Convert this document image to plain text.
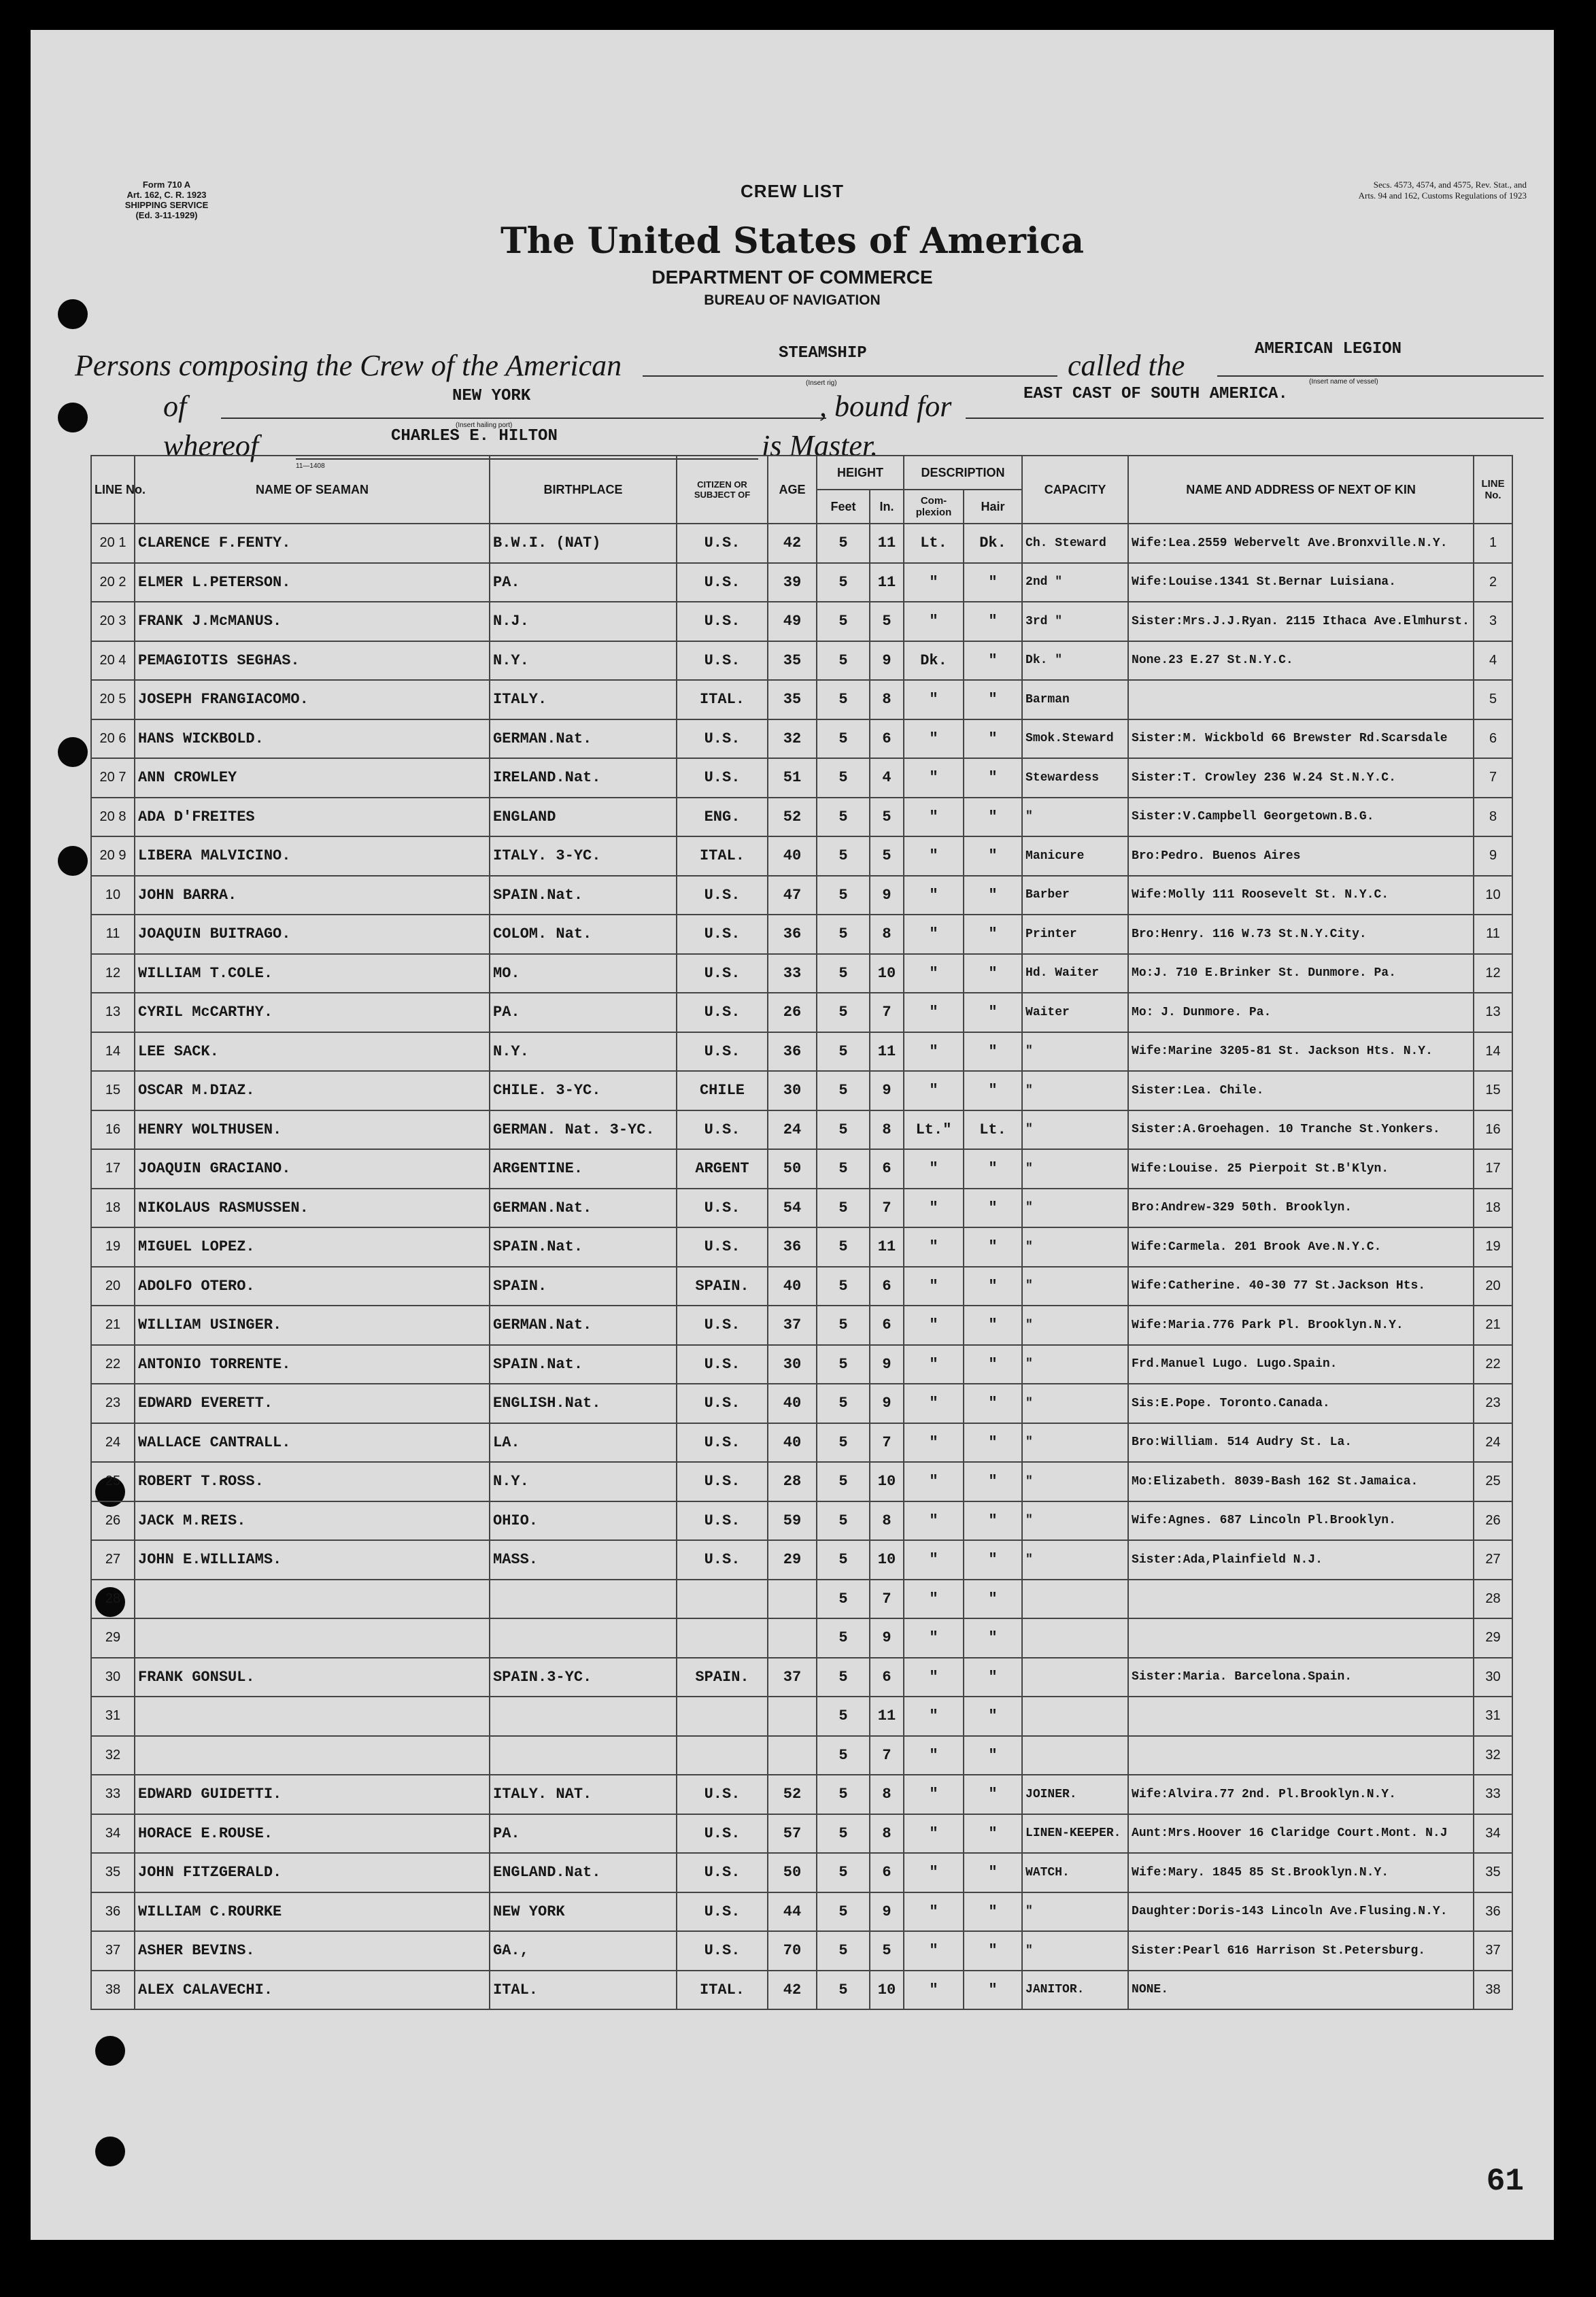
Form 710 A
Art. 162, C. R. 1923
SHIPPING SERVICE
(Ed. 3-11-1929)
CREW LIST	Secs. 4573, 4574, and 4575, Rev. Stat., and
Arts. 94 and 162, Customs Regulations of 1923
The United States of America
DEPARTMENT OF COMMERCE
BUREAU OF NAVIGATION
Persons composing the Crew of the American	STEAMSHIP
(Insert rig)
called the	AMERICAN LEGION
(Insert name of vessel)
of	NEW YORK
(Insert hailing port)
, bound for	EAST CAST OF SOUTH AMERICA.
whereof	CHARLES E. HILTON
11—1408
is Master.
LINE No.	NAME OF SEAMAN	BIRTHPLACE	CITIZEN OR SUBJECT OF	AGE	HEIGHT		DESCRIPTION		CAPACITY	NAME AND ADDRESS OF NEXT OF KIN	LINE No.
					Feet	In.	Com-plexion	Hair			
20 1	CLARENCE F.FENTY.	B.W.I. (NAT)	U.S.	42	5	11	Lt.	Dk.	Ch. Steward	Wife:Lea.2559 Webervelt Ave.Bronxville.N.Y.	1
20 2	ELMER L.PETERSON.	PA.	U.S.	39	5	11	"	"	2nd "	Wife:Louise.1341 St.Bernar Luisiana.	2
20 3	FRANK J.McMANUS.	N.J.	U.S.	49	5	5	"	"	3rd "	Sister:Mrs.J.J.Ryan. 2115 Ithaca Ave.Elmhurst.	3
20 4	PEMAGIOTIS SEGHAS.	N.Y.	U.S.	35	5	9	Dk.	"	Dk. "	None.23 E.27 St.N.Y.C.	4
20 5	JOSEPH FRANGIACOMO.	ITALY.	ITAL.	35	5	8	"	"	Barman		5
20 6	HANS WICKBOLD.	GERMAN.Nat.	U.S.	32	5	6	"	"	Smok.Steward	Sister:M. Wickbold 66 Brewster Rd.Scarsdale	6
20 7	ANN CROWLEY	IRELAND.Nat.	U.S.	51	5	4	"	"	Stewardess	Sister:T. Crowley 236 W.24 St.N.Y.C.	7
20 8	ADA D'FREITES	ENGLAND	ENG.	52	5	5	"	"	"	Sister:V.Campbell Georgetown.B.G.	8
20 9	LIBERA MALVICINO.	ITALY. 3-YC.	ITAL.	40	5	5	"	"	Manicure	Bro:Pedro. Buenos Aires	9
10	JOHN BARRA.	SPAIN.Nat.	U.S.	47	5	9	"	"	Barber	Wife:Molly 111 Roosevelt St. N.Y.C.	10
11	JOAQUIN BUITRAGO.	COLOM. Nat.	U.S.	36	5	8	"	"	Printer	Bro:Henry. 116 W.73 St.N.Y.City.	11
12	WILLIAM T.COLE.	MO.	U.S.	33	5	10	"	"	Hd. Waiter	Mo:J. 710 E.Brinker St. Dunmore. Pa.	12
13	CYRIL McCARTHY.	PA.	U.S.	26	5	7	"	"	Waiter	Mo: J. Dunmore. Pa.	13
14	LEE SACK.	N.Y.	U.S.	36	5	11	"	"	"	Wife:Marine 3205-81 St. Jackson Hts. N.Y.	14
15	OSCAR M.DIAZ.	CHILE. 3-YC.	CHILE	30	5	9	"	"	"	Sister:Lea. Chile.	15
16	HENRY WOLTHUSEN.	GERMAN. Nat. 3-YC.	U.S.	24	5	8	Lt."	Lt.	"	Sister:A.Groehagen. 10 Tranche St.Yonkers.	16
17	JOAQUIN GRACIANO.	ARGENTINE.	ARGENT	50	5	6	"	"	"	Wife:Louise. 25 Pierpoit St.B'Klyn.	17
18	NIKOLAUS RASMUSSEN.	GERMAN.Nat.	U.S.	54	5	7	"	"	"	Bro:Andrew-329 50th. Brooklyn.	18
19	MIGUEL LOPEZ.	SPAIN.Nat.	U.S.	36	5	11	"	"	"	Wife:Carmela. 201 Brook Ave.N.Y.C.	19
20	ADOLFO OTERO.	SPAIN.	SPAIN.	40	5	6	"	"	"	Wife:Catherine. 40-30 77 St.Jackson Hts.	20
21	WILLIAM USINGER.	GERMAN.Nat.	U.S.	37	5	6	"	"	"	Wife:Maria.776 Park Pl. Brooklyn.N.Y.	21
22	ANTONIO TORRENTE.	SPAIN.Nat.	U.S.	30	5	9	"	"	"	Frd.Manuel Lugo. Lugo.Spain.	22
23	EDWARD EVERETT.	ENGLISH.Nat.	U.S.	40	5	9	"	"	"	Sis:E.Pope. Toronto.Canada.	23
24	WALLACE CANTRALL.	LA.	U.S.	40	5	7	"	"	"	Bro:William. 514 Audry St. La.	24
25	ROBERT T.ROSS.	N.Y.	U.S.	28	5	10	"	"	"	Mo:Elizabeth. 8039-Bash 162 St.Jamaica.	25
26	JACK M.REIS.	OHIO.	U.S.	59	5	8	"	"	"	Wife:Agnes. 687 Lincoln Pl.Brooklyn.	26
27	JOHN E.WILLIAMS.	MASS.	U.S.	29	5	10	"	"	"	Sister:Ada,Plainfield N.J.	27
28					5	7	"	"			28
29					5	9	"	"			29
30	FRANK GONSUL.	SPAIN.3-YC.	SPAIN.	37	5	6	"	"		Sister:Maria. Barcelona.Spain.	30
31					5	11	"	"			31
32					5	7	"	"			32
33	EDWARD GUIDETTI.	ITALY. NAT.	U.S.	52	5	8	"	"	JOINER.	Wife:Alvira.77 2nd. Pl.Brooklyn.N.Y.	33
34	HORACE E.ROUSE.	PA.	U.S.	57	5	8	"	"	LINEN-KEEPER.	Aunt:Mrs.Hoover 16 Claridge Court.Mont. N.J	34
35	JOHN FITZGERALD.	ENGLAND.Nat.	U.S.	50	5	6	"	"	WATCH.	Wife:Mary. 1845 85 St.Brooklyn.N.Y.	35
36	WILLIAM C.ROURKE	NEW YORK	U.S.	44	5	9	"	"	"	Daughter:Doris-143 Lincoln Ave.Flusing.N.Y.	36
37	ASHER BEVINS.	GA.,	U.S.	70	5	5	"	"	"	Sister:Pearl 616 Harrison St.Petersburg.	37
38	ALEX CALAVECHI.	ITAL.	ITAL.	42	5	10	"	"	JANITOR.	NONE.	38
61
